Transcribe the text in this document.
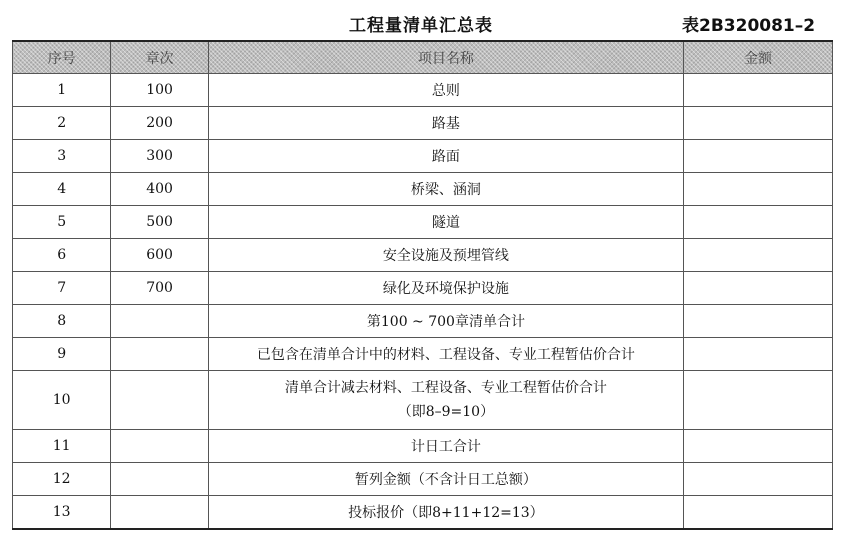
工程量清单汇总表	表2B320081–2
序号	章次	项目名称	金额
1	100	总则	
2	200	路基	
3	300	路面	
4	400	桥梁、涵洞	
5	500	隧道	
6	600	安全设施及预埋管线	
7	700	绿化及环境保护设施	
8		第100 ~ 700章清单合计	
9		已包含在清单合计中的材料、工程设备、专业工程暂估价合计	
10		清单合计减去材料、工程设备、专业工程暂估价合计
（即8–9=10）	

11		计日工合计	
12		暂列金额（不含计日工总额）	
13		投标报价（即8+11+12=13）	
